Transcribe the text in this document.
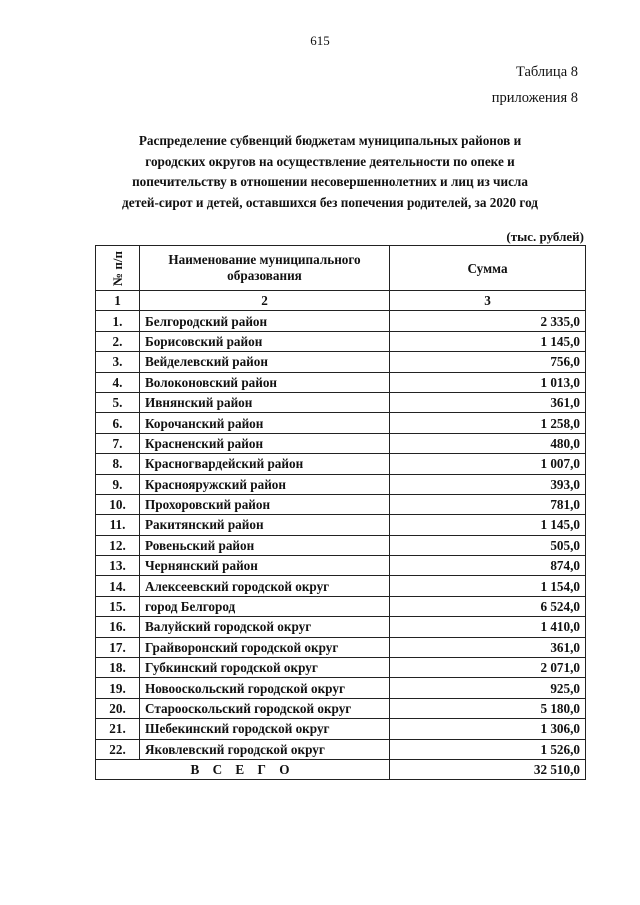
615
Таблица 8
приложения 8
Распределение субвенций бюджетам муниципальных районов и
городских округов на осуществление деятельности по опеке и
попечительству в отношении несовершеннолетних и лиц из числа
детей-сирот и детей, оставшихся без попечения родителей, за 2020 год
(тыс. рублей)
№ п/п	Наименование муниципального образования	Сумма
1	2	3
1.	Белгородский район	2 335,0
2.	Борисовский район	1 145,0
3.	Вейделевский район	756,0
4.	Волоконовский район	1 013,0
5.	Ивнянский район	361,0
6.	Корочанский район	1 258,0
7.	Красненский район	480,0
8.	Красногвардейский район	1 007,0
9.	Краснояружский район	393,0
10.	Прохоровский район	781,0
11.	Ракитянский район	1 145,0
12.	Ровеньский район	505,0
13.	Чернянский район	874,0
14.	Алексеевский городской округ	1 154,0
15.	город Белгород	6 524,0
16.	Валуйский городской округ	1 410,0
17.	Грайворонский городской округ	361,0
18.	Губкинский городской округ	2 071,0
19.	Новооскольский городской округ	925,0
20.	Старооскольский городской округ	5 180,0
21.	Шебекинский городской округ	1 306,0
22.	Яковлевский городской округ	1 526,0
В С Е Г О		32 510,0
